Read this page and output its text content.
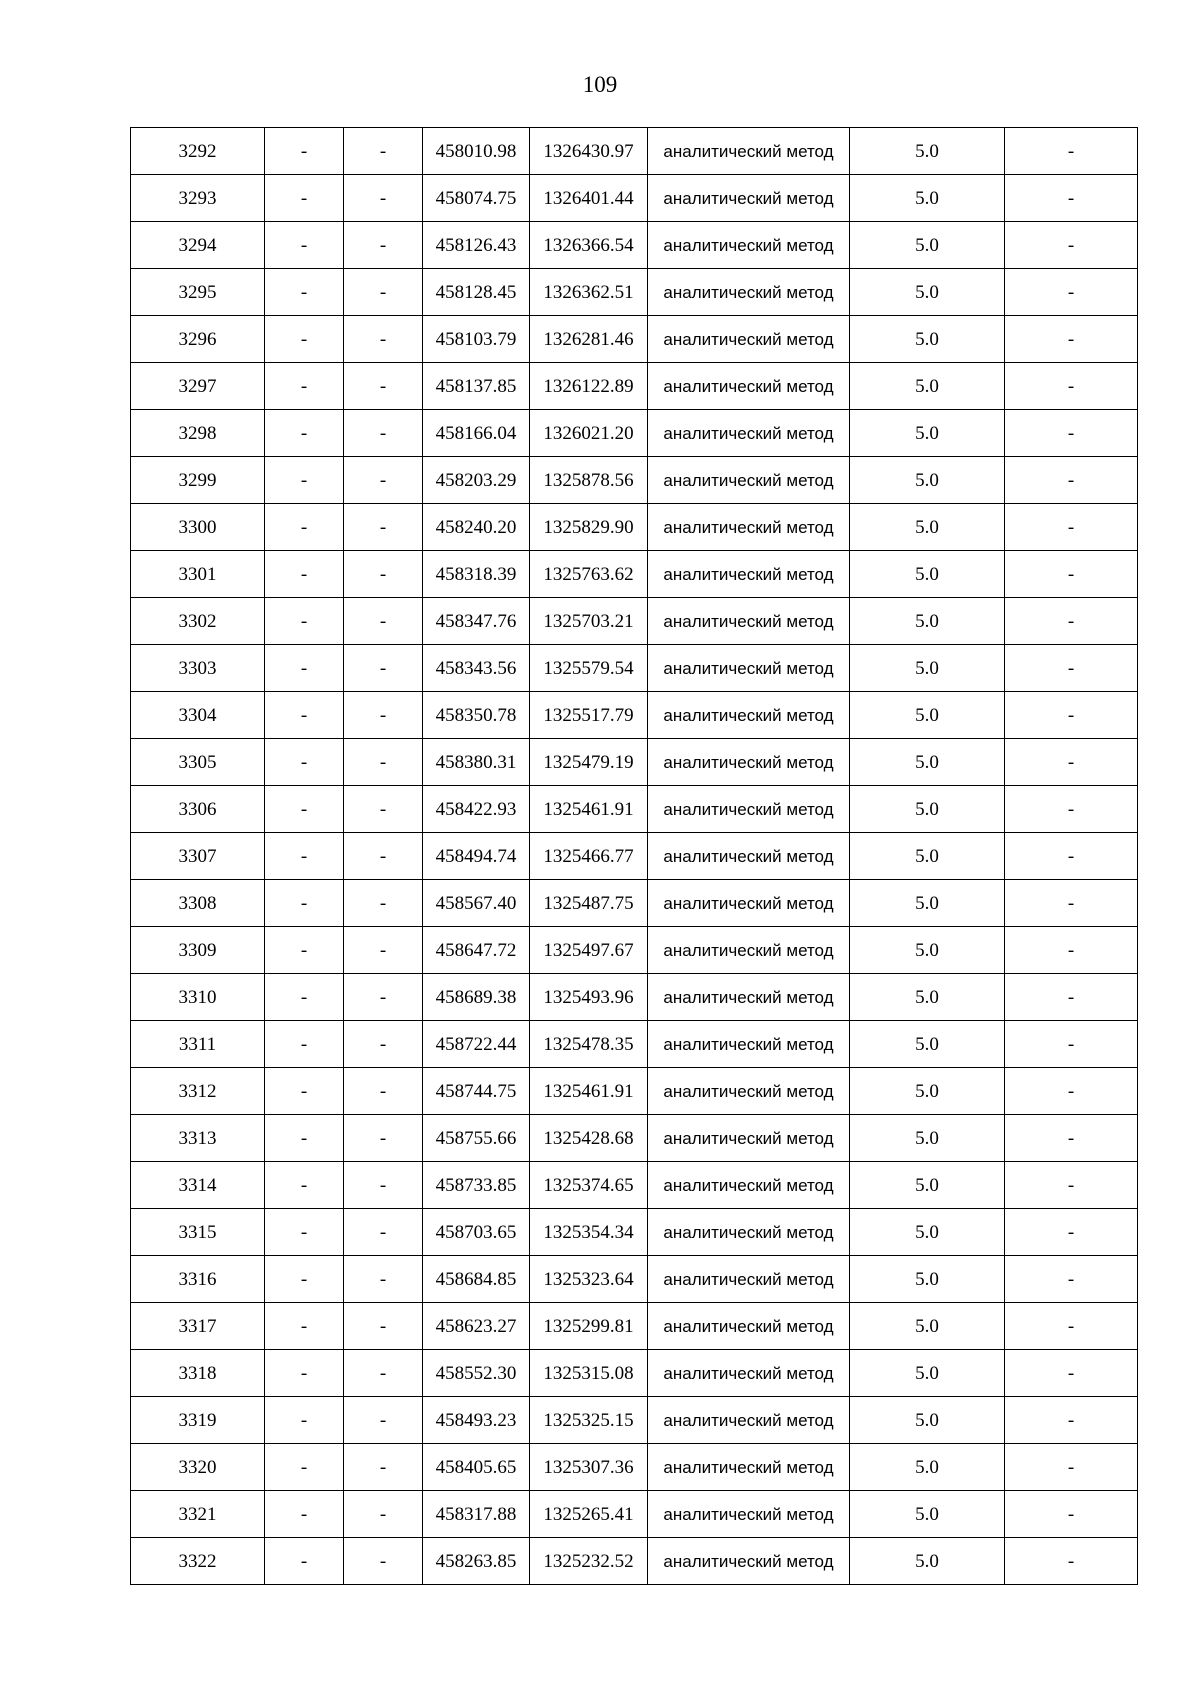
109
3292	-	-	458010.98	1326430.97	аналитический метод	5.0	-
3293	-	-	458074.75	1326401.44	аналитический метод	5.0	-
3294	-	-	458126.43	1326366.54	аналитический метод	5.0	-
3295	-	-	458128.45	1326362.51	аналитический метод	5.0	-
3296	-	-	458103.79	1326281.46	аналитический метод	5.0	-
3297	-	-	458137.85	1326122.89	аналитический метод	5.0	-
3298	-	-	458166.04	1326021.20	аналитический метод	5.0	-
3299	-	-	458203.29	1325878.56	аналитический метод	5.0	-
3300	-	-	458240.20	1325829.90	аналитический метод	5.0	-
3301	-	-	458318.39	1325763.62	аналитический метод	5.0	-
3302	-	-	458347.76	1325703.21	аналитический метод	5.0	-
3303	-	-	458343.56	1325579.54	аналитический метод	5.0	-
3304	-	-	458350.78	1325517.79	аналитический метод	5.0	-
3305	-	-	458380.31	1325479.19	аналитический метод	5.0	-
3306	-	-	458422.93	1325461.91	аналитический метод	5.0	-
3307	-	-	458494.74	1325466.77	аналитический метод	5.0	-
3308	-	-	458567.40	1325487.75	аналитический метод	5.0	-
3309	-	-	458647.72	1325497.67	аналитический метод	5.0	-
3310	-	-	458689.38	1325493.96	аналитический метод	5.0	-
3311	-	-	458722.44	1325478.35	аналитический метод	5.0	-
3312	-	-	458744.75	1325461.91	аналитический метод	5.0	-
3313	-	-	458755.66	1325428.68	аналитический метод	5.0	-
3314	-	-	458733.85	1325374.65	аналитический метод	5.0	-
3315	-	-	458703.65	1325354.34	аналитический метод	5.0	-
3316	-	-	458684.85	1325323.64	аналитический метод	5.0	-
3317	-	-	458623.27	1325299.81	аналитический метод	5.0	-
3318	-	-	458552.30	1325315.08	аналитический метод	5.0	-
3319	-	-	458493.23	1325325.15	аналитический метод	5.0	-
3320	-	-	458405.65	1325307.36	аналитический метод	5.0	-
3321	-	-	458317.88	1325265.41	аналитический метод	5.0	-
3322	-	-	458263.85	1325232.52	аналитический метод	5.0	-
